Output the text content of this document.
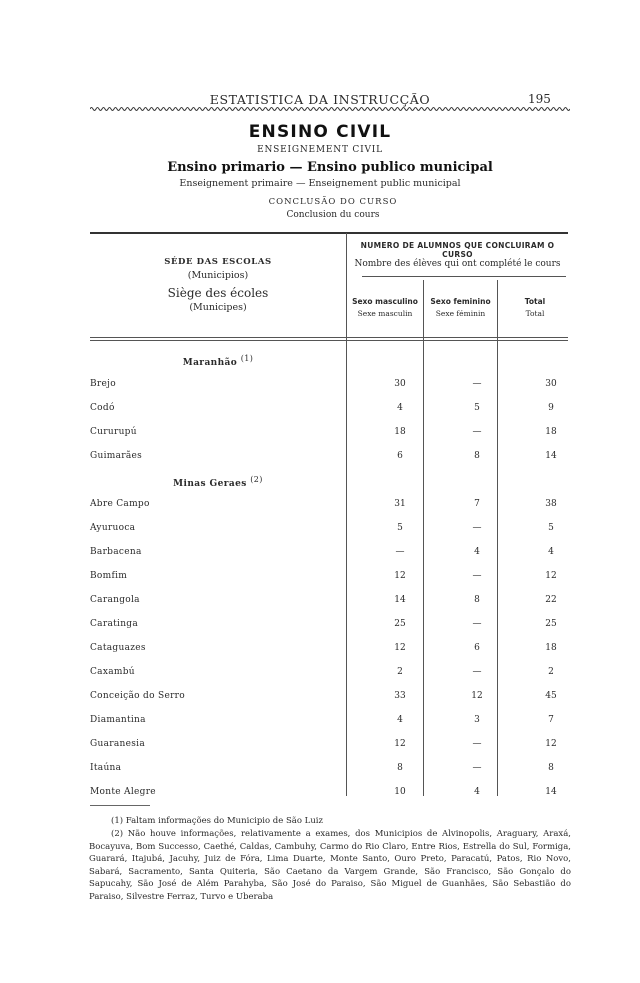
ESTATISTICA DA INSTRUCÇÃO	195
ENSINO CIVIL
ENSEIGNEMENT CIVIL
Ensino primario — Ensino publico municipal
Enseignement primaire — Enseignement public municipal
CONCLUSÃO DO CURSO
Conclusion du cours
SÉDE DAS ESCOLAS
(Municipios)
Siège des écoles
(Municipes)
NUMERO DE ALUMNOS QUE CONCLUIRAM O CURSO
Nombre des élèves qui ont complété le cours
Sexo masculino
Sexe masculin
Sexo feminino
Sexe féminin
Total
Total
Maranhão $^{(1)}$
Brejo	30	—	30
Codó	4	5	9
Cururupú	18	—	18
Guimarães	6	8	14
Minas Geraes $^{(2)}$
Abre Campo	31	7	38
Ayuruoca	5	—	5
Barbacena	—	4	4
Bomfim	12	—	12
Carangola	14	8	22
Caratinga	25	—	25
Cataguazes	12	6	18
Caxambú	2	—	2
Conceição do Serro	33	12	45
Diamantina	4	3	7
Guaranesia	12	—	12
Itaúna	8	—	8
Monte Alegre	10	4	14
(1) Faltam informações do Municipio de São Luiz
(2) Não houve informações, relativamente a exames, dos Municipios de Alvinopolis, Araguary, Araxá, Bocayuva, Bom Successo, Caethé, Caldas, Cambuhy, Carmo do Rio Claro, Entre Rios, Estrella do Sul, Formiga, Guarará, Itajubá, Jacuhy, Juiz de Fóra, Lima Duarte, Monte Santo, Ouro Preto, Paracatú, Patos, Rio Novo, Sabará, Sacramento, Santa Quiteria, São Caetano da Vargem Grande, São Francisco, São Gonçalo do Sapucahy, São José de Além Parahyba, São José do Paraiso, São Miguel de Guanhães, São Sebastião do Paraiso, Silvestre Ferraz, Turvo e Uberaba
